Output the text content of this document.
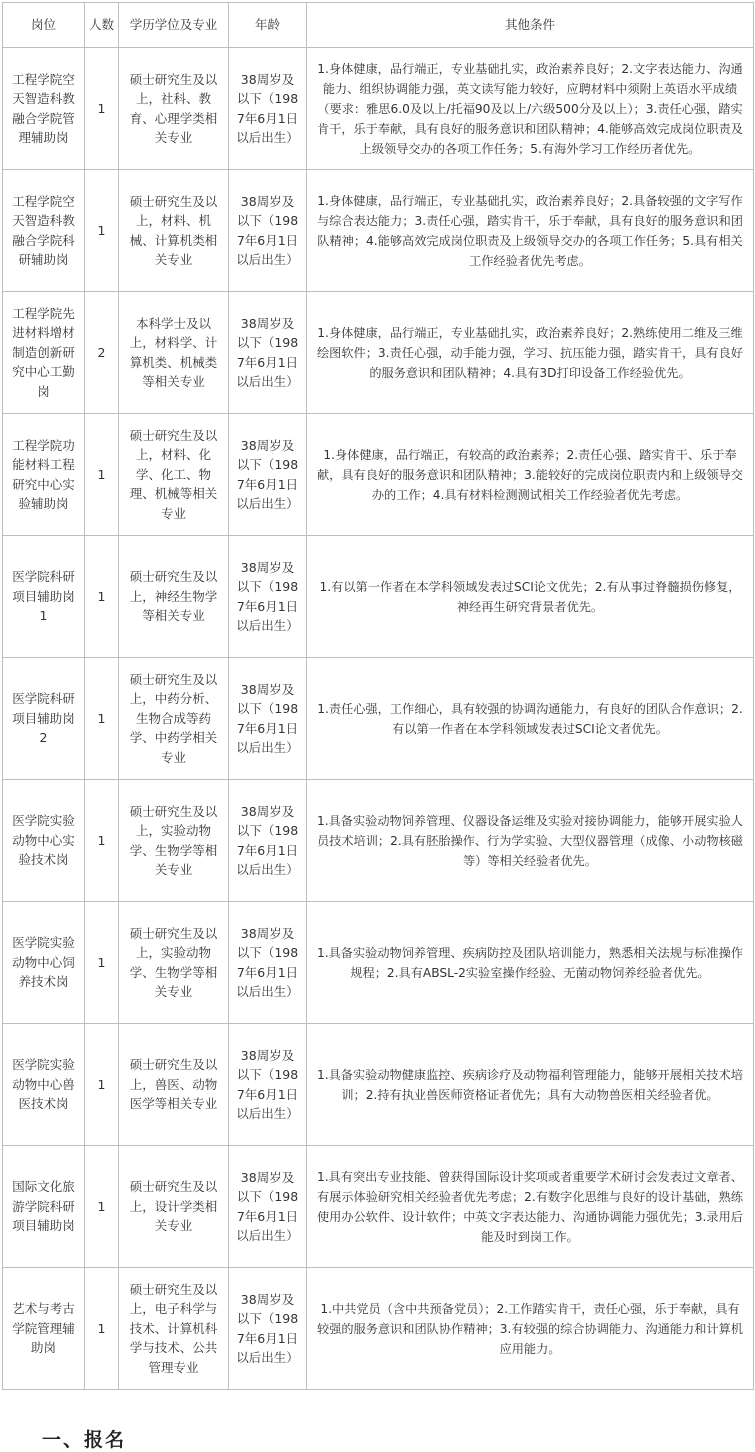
岗位	人数	学历学位及专业	年龄	其他条件
工程学院空天智造科教融合学院管理辅助岗	1	硕士研究生及以上，社科、教育、心理学类相关专业	38周岁及以下（1987年6月1日以后出生）	1.身体健康，品行端正，专业基础扎实，政治素养良好；2.文字表达能力、沟通能力、组织协调能力强，英文读写能力较好，应聘材料中须附上英语水平成绩（要求：雅思6.0及以上/托福90及以上/六级500分及以上）；3.责任心强，踏实肯干，乐于奉献，具有良好的服务意识和团队精神；4.能够高效完成岗位职责及上级领导交办的各项工作任务；5.有海外学习工作经历者优先。
工程学院空天智造科教融合学院科研辅助岗	1	硕士研究生及以上，材料、机械、计算机类相关专业	38周岁及以下（1987年6月1日以后出生）	1.身体健康，品行端正，专业基础扎实，政治素养良好；2.具备较强的文字写作与综合表达能力；3.责任心强，踏实肯干，乐于奉献，具有良好的服务意识和团队精神；4.能够高效完成岗位职责及上级领导交办的各项工作任务；5.具有相关工作经验者优先考虑。
工程学院先进材料增材制造创新研究中心工勤岗	2	本科学士及以上，材料学、计算机类、机械类等相关专业	38周岁及以下（1987年6月1日以后出生）	1.身体健康，品行端正，专业基础扎实，政治素养良好；2.熟练使用二维及三维绘图软件；3.责任心强，动手能力强，学习、抗压能力强，踏实肯干，具有良好的服务意识和团队精神；4.具有3D打印设备工作经验优先。
工程学院功能材料工程研究中心实验辅助岗	1	硕士研究生及以上，材料、化学、化工、物理、机械等相关专业	38周岁及以下（1987年6月1日以后出生）	1.身体健康，品行端正，有较高的政治素养；2.责任心强、踏实肯干、乐于奉献，具有良好的服务意识和团队精神；3.能较好的完成岗位职责内和上级领导交办的工作；4.具有材料检测测试相关工作经验者优先考虑。
医学院科研项目辅助岗1	1	硕士研究生及以上，神经生物学等相关专业	38周岁及以下（1987年6月1日以后出生）	1.有以第一作者在本学科领域发表过SCI论文优先；2.有从事过脊髓损伤修复，神经再生研究背景者优先。
医学院科研项目辅助岗2	1	硕士研究生及以上，中药分析、生物合成等药学、中药学相关专业	38周岁及以下（1987年6月1日以后出生）	1.责任心强，工作细心，具有较强的协调沟通能力，有良好的团队合作意识；2.有以第一作者在本学科领域发表过SCI论文者优先。
医学院实验动物中心实验技术岗	1	硕士研究生及以上，实验动物学、生物学等相关专业	38周岁及以下（1987年6月1日以后出生）	1.具备实验动物饲养管理、仪器设备运维及实验对接协调能力，能够开展实验人员技术培训；2.具有胚胎操作、行为学实验、大型仪器管理（成像、小动物核磁等）等相关经验者优先。
医学院实验动物中心饲养技术岗	1	硕士研究生及以上，实验动物学、生物学等相关专业	38周岁及以下（1987年6月1日以后出生）	1.具备实验动物饲养管理、疾病防控及团队培训能力，熟悉相关法规与标准操作规程；2.具有ABSL-2实验室操作经验、无菌动物饲养经验者优先。
医学院实验动物中心兽医技术岗	1	硕士研究生及以上，兽医、动物医学等相关专业	38周岁及以下（1987年6月1日以后出生）	1.具备实验动物健康监控、疾病诊疗及动物福利管理能力，能够开展相关技术培训；2.持有执业兽医师资格证者优先；具有大动物兽医相关经验者优。
国际文化旅游学院科研项目辅助岗	1	硕士研究生及以上，设计学类相关专业	38周岁及以下（1987年6月1日以后出生）	1.具有突出专业技能、曾获得国际设计奖项或者重要学术研讨会发表过文章者、有展示体验研究相关经验者优先考虑；2.有数字化思维与良好的设计基础，熟练使用办公软件、设计软件；中英文字表达能力、沟通协调能力强优先；3.录用后能及时到岗工作。
艺术与考古学院管理辅助岗	1	硕士研究生及以上，电子科学与技术、计算机科学与技术、公共管理专业	38周岁及以下（1987年6月1日以后出生）	1.中共党员（含中共预备党员）；2.工作踏实肯干，责任心强，乐于奉献，具有较强的服务意识和团队协作精神；3.有较强的综合协调能力、沟通能力和计算机应用能力。
一、报名
